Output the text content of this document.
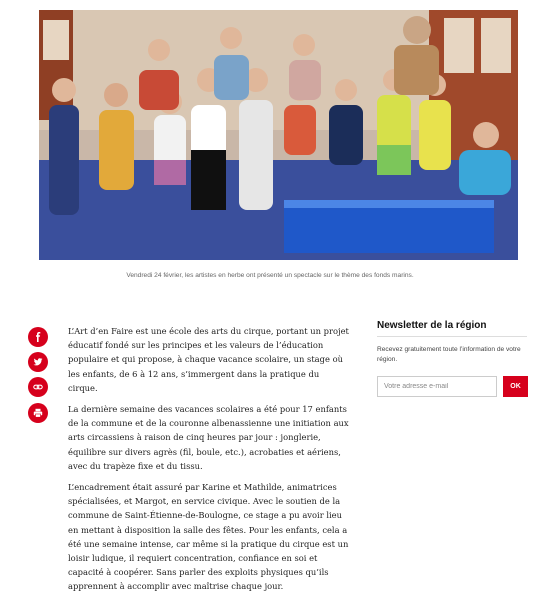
Vendredi 24 février, les artistes en herbe ont présenté un spectacle sur le thème des fonds marins.

L’Art d’en Faire est une école des arts du cirque, portant un projet éducatif fondé sur les principes et les valeurs de l’éducation populaire et qui propose, à chaque vacance scolaire, un stage où les enfants, de 6 à 12 ans, s’immergent dans la pratique du cirque.

La dernière semaine des vacances scolaires a été pour 17 enfants de la commune et de la couronne albenassienne une initiation aux arts circassiens à raison de cinq heures par jour : jonglerie, équilibre sur divers agrès (fil, boule, etc.), acrobaties et aériens, avec du trapèze fixe et du tissu.

L’encadrement était assuré par Karine et Mathilde, animatrices spécialisées, et Margot, en service civique. Avec le soutien de la commune de Saint-Étienne-de-Boulogne, ce stage a pu avoir lieu en mettant à disposition la salle des fêtes. Pour les enfants, cela a été une semaine intense, car même si la pratique du cirque est un loisir ludique, il requiert concentration, confiance en soi et capacité à coopérer. Sans parler des exploits physiques qu’ils apprennent à accomplir avec maîtrise chaque jour.

Newsletter de la région
Recevez gratuitement toute l’information de votre région.
Votre adresse e-mail
OK
